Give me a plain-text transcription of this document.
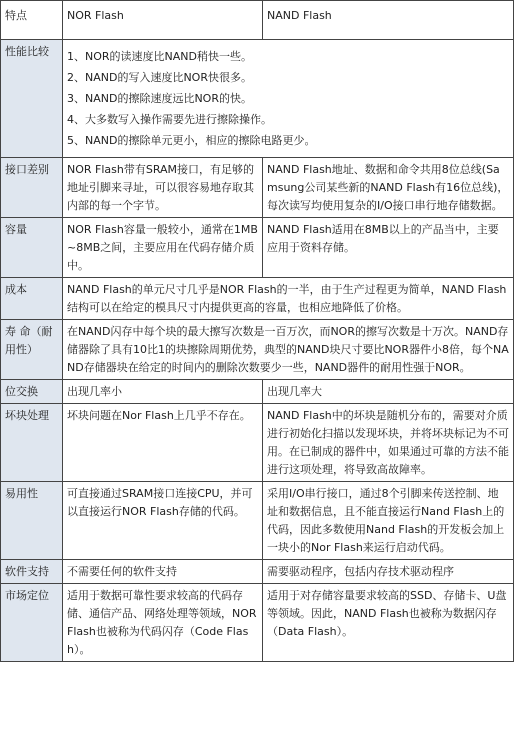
特点	NOR Flash	NAND Flash
性能比较	1、NOR的读速度比NAND稍快一些。
2、NAND的写入速度比NOR快很多。
3、NAND的擦除速度远比NOR的快。
4、大多数写入操作需要先进行擦除操作。
5、NAND的擦除单元更小，相应的擦除电路更少。	

接口差别	NOR Flash带有SRAM接口，有足够的地址引脚来寻址，可以很容易地存取其内部的每一个字节。	NAND Flash地址、数据和命令共用8位总线(Samsung公司某些新的NAND Flash有16位总线)，每次读写均使用复杂的I/O接口串行地存储数据。
容量	NOR Flash容量一般较小，通常在1MB~8MB之间，主要应用在代码存储介质中。	NAND Flash适用在8MB以上的产品当中，主要应用于资料存储。
成本	NAND Flash的单元尺寸几乎是NOR Flash的一半，由于生产过程更为简单，NAND Flash结构可以在给定的模具尺寸内提供更高的容量，也相应地降低了价格。	
寿 命（耐用性）	在NAND闪存中每个块的最大擦写次数是一百万次，而NOR的擦写次数是十万次。NAND存储器除了具有10比1的块擦除周期优势，典型的NAND块尺寸要比NOR器件小8倍，每个NAND存储器块在给定的时间内的删除次数要少一些，NAND器件的耐用性强于NOR。	
位交换	出现几率小	出现几率大
坏块处理	坏块问题在Nor Flash上几乎不存在。	NAND Flash中的坏块是随机分布的，需要对介质进行初始化扫描以发现坏块，并将坏块标记为不可用。在已制成的器件中，如果通过可靠的方法不能进行这项处理，将导致高故障率。
易用性	可直接通过SRAM接口连接CPU，并可以直接运行NOR Flash存储的代码。	采用I/O串行接口，通过8个引脚来传送控制、地址和数据信息，且不能直接运行Nand Flash上的代码，因此多数使用Nand Flash的开发板会加上一块小的Nor Flash来运行启动代码。
软件支持	不需要任何的软件支持	需要驱动程序，包括内存技术驱动程序
市场定位	适用于数据可靠性要求较高的代码存储、通信产品、网络处理等领域，NOR Flash也被称为代码闪存（Code Flash）。	适用于对存储容量要求较高的SSD、存储卡、U盘等领域。因此，NAND Flash也被称为数据闪存（Data Flash）。
